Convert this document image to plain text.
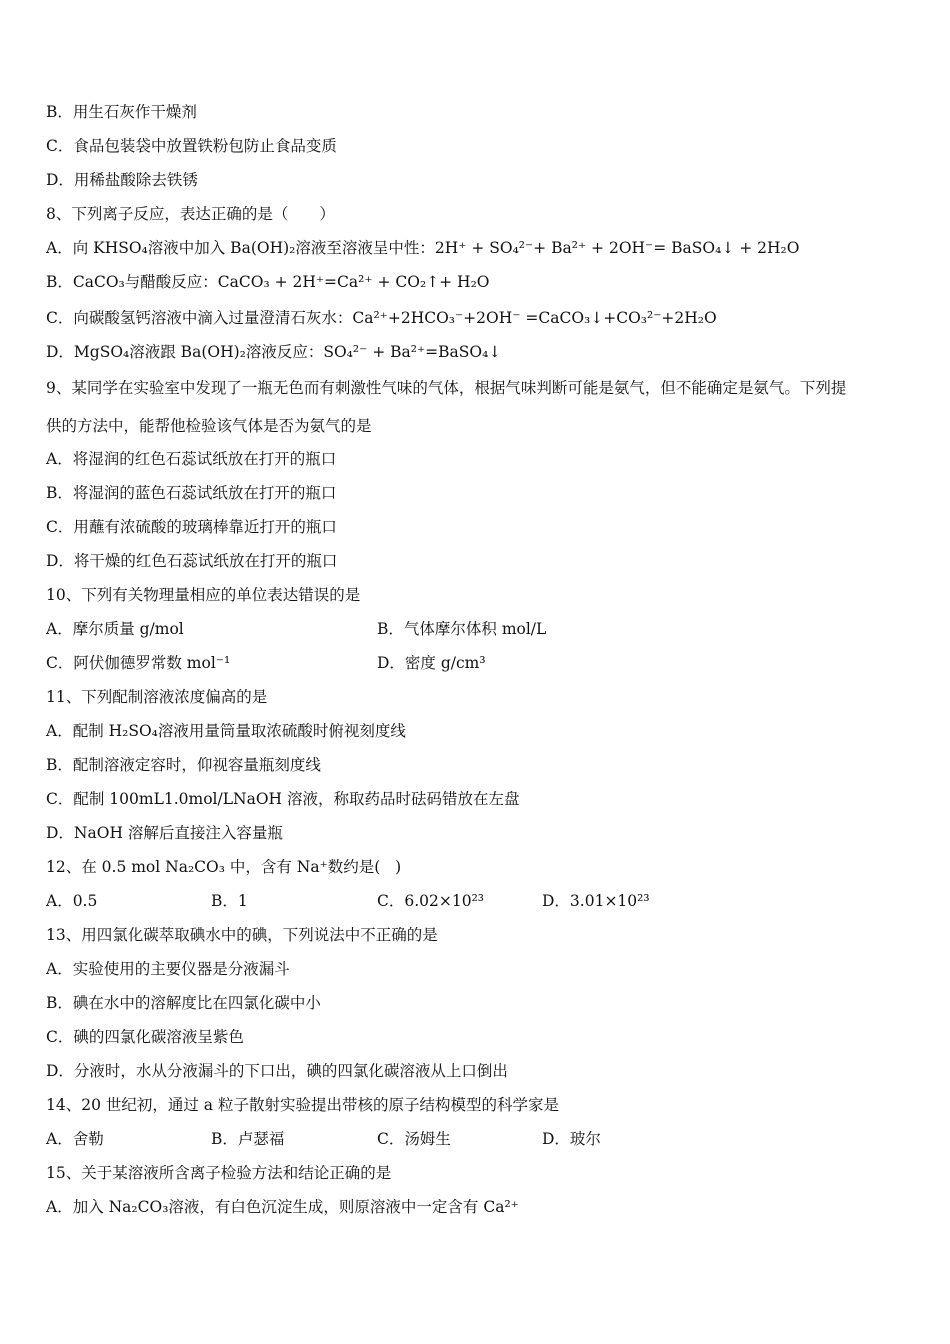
B．用生石灰作干燥剂
C．食品包装袋中放置铁粉包防止食品变质
D．用稀盐酸除去铁锈
8、下列离子反应，表达正确的是（　　）
A．向 KHSO₄溶液中加入 Ba(OH)₂溶液至溶液呈中性：2H⁺ + SO₄²⁻+ Ba²⁺ + 2OH⁻= BaSO₄↓ + 2H₂O
B．CaCO₃与醋酸反应：CaCO₃ + 2H⁺=Ca²⁺ + CO₂↑+ H₂O
C．向碳酸氢钙溶液中滴入过量澄清石灰水：Ca²⁺+2HCO₃⁻+2OH⁻ =CaCO₃↓+CO₃²⁻+2H₂O
D．MgSO₄溶液跟 Ba(OH)₂溶液反应：SO₄²⁻ + Ba²⁺=BaSO₄↓
9、某同学在实验室中发现了一瓶无色而有刺激性气味的气体，根据气味判断可能是氨气，但不能确定是氨气。下列提
供的方法中，能帮他检验该气体是否为氨气的是
A．将湿润的红色石蕊试纸放在打开的瓶口
B．将湿润的蓝色石蕊试纸放在打开的瓶口
C．用蘸有浓硫酸的玻璃棒靠近打开的瓶口
D．将干燥的红色石蕊试纸放在打开的瓶口
10、下列有关物理量相应的单位表达错误的是
A．摩尔质量 g/mol	B．气体摩尔体积 mol/L
C．阿伏伽德罗常数 mol⁻¹	D．密度 g/cm³
11、下列配制溶液浓度偏高的是
A．配制 H₂SO₄溶液用量筒量取浓硫酸时俯视刻度线
B．配制溶液定容时，仰视容量瓶刻度线
C．配制 100mL1.0mol/LNaOH 溶液，称取药品时砝码错放在左盘
D．NaOH 溶解后直接注入容量瓶
12、在 0.5 mol Na₂CO₃ 中，含有 Na⁺数约是(   )
A．0.5	B．1	C．6.02×10²³	D．3.01×10²³
13、用四氯化碳萃取碘水中的碘，下列说法中不正确的是
A．实验使用的主要仪器是分液漏斗
B．碘在水中的溶解度比在四氯化碳中小
C．碘的四氯化碳溶液呈紫色
D．分液时，水从分液漏斗的下口出，碘的四氯化碳溶液从上口倒出
14、20 世纪初，通过 a 粒子散射实验提出带核的原子结构模型的科学家是
A．舍勒	B．卢瑟福	C．汤姆生	D．玻尔
15、关于某溶液所含离子检验方法和结论正确的是
A．加入 Na₂CO₃溶液，有白色沉淀生成，则原溶液中一定含有 Ca²⁺
